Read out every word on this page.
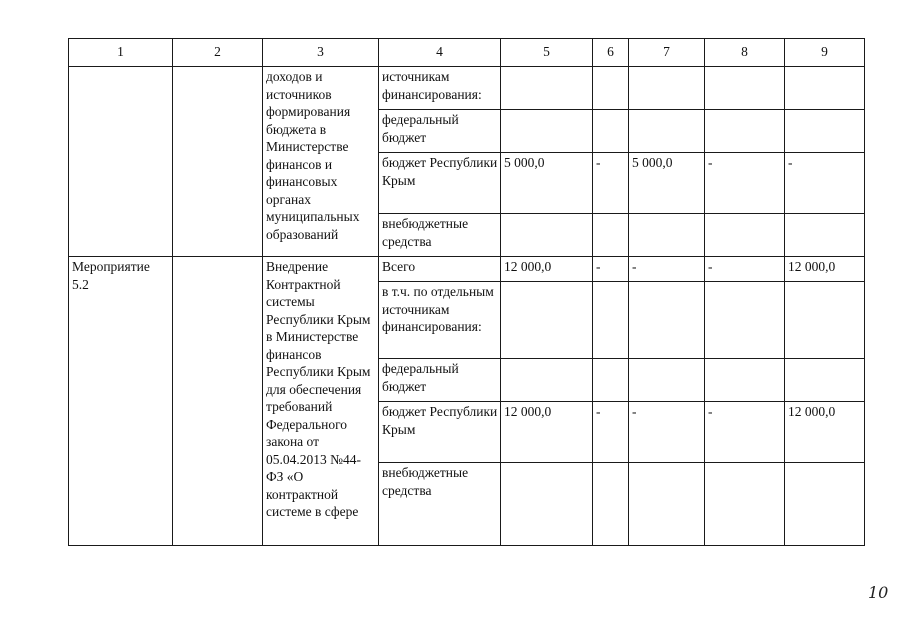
1	2	3	4	5	6	7	8	9
		доходов и источников формирования бюджета в Министерстве финансов и финансовых органах муниципальных образований	источникам финансирования:					
			федеральный бюджет					
			бюджет Республики Крым	5 000,0	-	5 000,0	-	-
			внебюджетные средства					
Мероприятие 5.2		Внедрение Контрактной системы Республики Крым в Министерстве финансов Республики Крым для обеспечения требований Федерального закона от 05.04.2013 №44-ФЗ «О контрактной системе в сфере	Всего	12 000,0	-	-	-	12 000,0
			в т.ч. по отдельным источникам финансирования:					
			федеральный бюджет					
			бюджет Республики Крым	12 000,0	-	-	-	12 000,0
			внебюджетные средства					
10
